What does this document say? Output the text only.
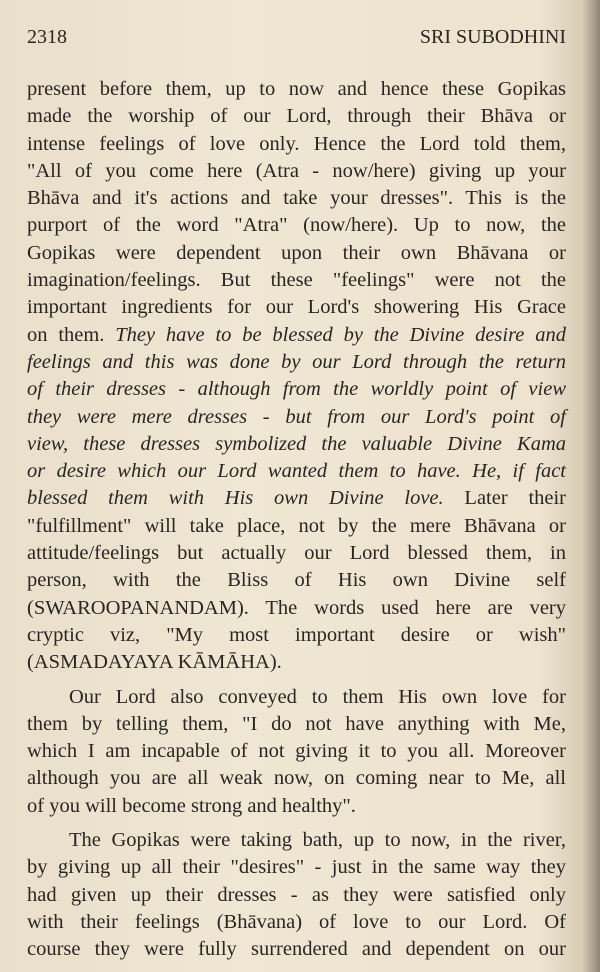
2318	SRI SUBODHINI
present before them, up to now and hence these Gopikas
made the worship of our Lord, through their Bhāva or
intense feelings of love only. Hence the Lord told them,
"All of you come here (Atra - now/here) giving up your
Bhāva and it's actions and take your dresses". This is the
purport of the word "Atra" (now/here). Up to now, the
Gopikas were dependent upon their own Bhāvana or
imagination/feelings. But these "feelings" were not the
important ingredients for our Lord's showering His Grace
on them. They have to be blessed by the Divine desire and
feelings and this was done by our Lord through the return
of their dresses - although from the worldly point of view
they were mere dresses - but from our Lord's point of
view, these dresses symbolized the valuable Divine Kama
or desire which our Lord wanted them to have. He, if fact
blessed them with His own Divine love. Later their
"fulfillment" will take place, not by the mere Bhāvana or
attitude/feelings but actually our Lord blessed them, in
person, with the Bliss of His own Divine self
(SWAROOPANANDAM). The words used here are very
cryptic viz, "My most important desire or wish"
(ASMADAYAYA KĀMĀHA).
Our Lord also conveyed to them His own love for
them by telling them, "I do not have anything with Me,
which I am incapable of not giving it to you all. Moreover
although you are all weak now, on coming near to Me, all
of you will become strong and healthy".
The Gopikas were taking bath, up to now, in the river,
by giving up all their "desires" - just in the same way they
had given up their dresses - as they were satisfied only
with their feelings (Bhāvana) of love to our Lord. Of
course they were fully surrendered and dependent on our
